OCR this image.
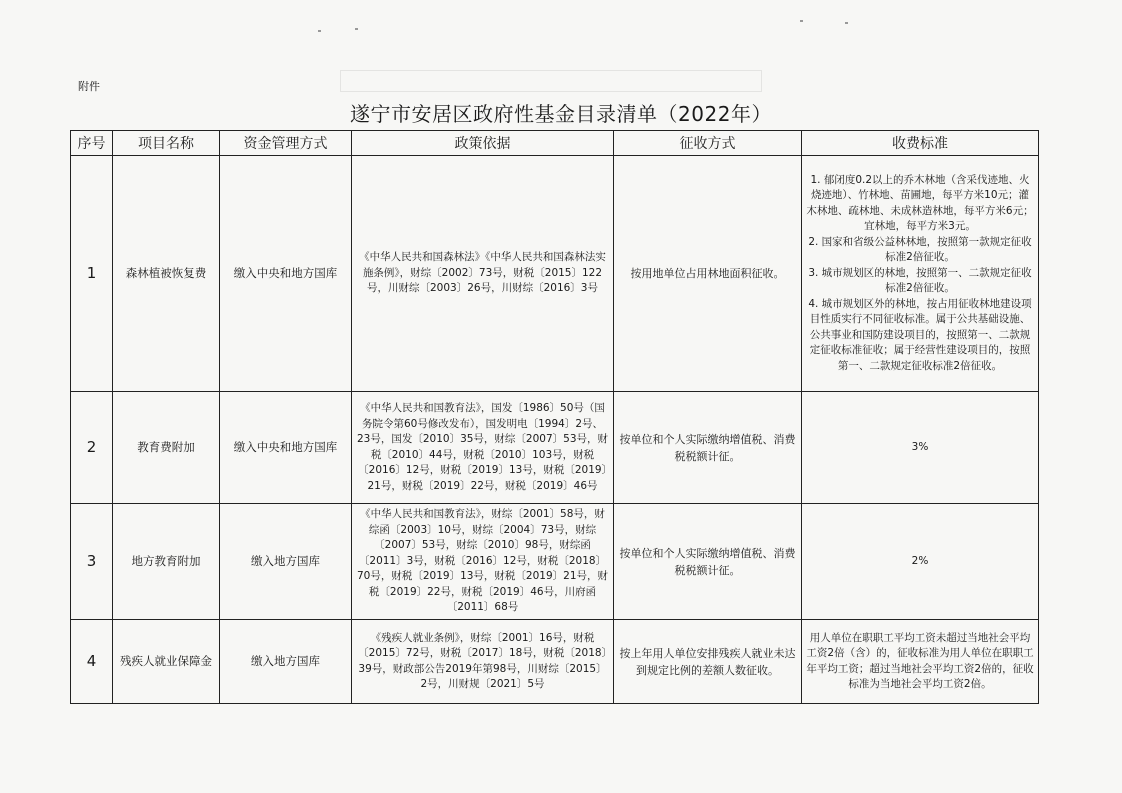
附件
遂宁市安居区政府性基金目录清单（2022年）
序号	项目名称	资金管理方式	政策依据	征收方式	收费标准
1	森林植被恢复费	缴入中央和地方国库	《中华人民共和国森林法》《中华人民共和国森林法实施条例》，财综〔2002〕73号，财税〔2015〕122号，川财综〔2003〕26号，川财综〔2016〕3号	按用地单位占用林地面积征收。	1. 郁闭度0.2以上的乔木林地（含采伐迹地、火烧迹地）、竹林地、苗圃地，每平方米10元；灌木林地、疏林地、未成林造林地，每平方米6元；宜林地，每平方米3元。
2. 国家和省级公益林林地，按照第一款规定征收标准2倍征收。
3. 城市规划区的林地，按照第一、二款规定征收标准2倍征收。
4. 城市规划区外的林地，按占用征收林地建设项目性质实行不同征收标准。属于公共基础设施、公共事业和国防建设项目的，按照第一、二款规定征收标准征收；属于经营性建设项目的，按照第一、二款规定征收标准2倍征收。

2	教育费附加	缴入中央和地方国库	《中华人民共和国教育法》，国发〔1986〕50号（国务院令第60号修改发布），国发明电〔1994〕2号、23号，国发〔2010〕35号，财综〔2007〕53号，财税〔2010〕44号，财税〔2010〕103号，财税〔2016〕12号，财税〔2019〕13号，财税〔2019〕21号，财税〔2019〕22号，财税〔2019〕46号	按单位和个人实际缴纳增值税、消费税税额计征。	3%
3	地方教育附加	缴入地方国库	《中华人民共和国教育法》，财综〔2001〕58号，财综函〔2003〕10号，财综〔2004〕73号，财综〔2007〕53号，财综〔2010〕98号，财综函〔2011〕3号，财税〔2016〕12号，财税〔2018〕70号，财税〔2019〕13号，财税〔2019〕21号，财税〔2019〕22号，财税〔2019〕46号，川府函〔2011〕68号	按单位和个人实际缴纳增值税、消费税税额计征。	2%
4	残疾人就业保障金	缴入地方国库	《残疾人就业条例》，财综〔2001〕16号，财税〔2015〕72号，财税〔2017〕18号，财税〔2018〕39号，财政部公告2019年第98号，川财综〔2015〕2号，川财规〔2021〕5号	按上年用人单位安排残疾人就业未达到规定比例的差额人数征收。	用人单位在职职工平均工资未超过当地社会平均工资2倍（含）的，征收标准为用人单位在职职工年平均工资；超过当地社会平均工资2倍的，征收标准为当地社会平均工资2倍。
